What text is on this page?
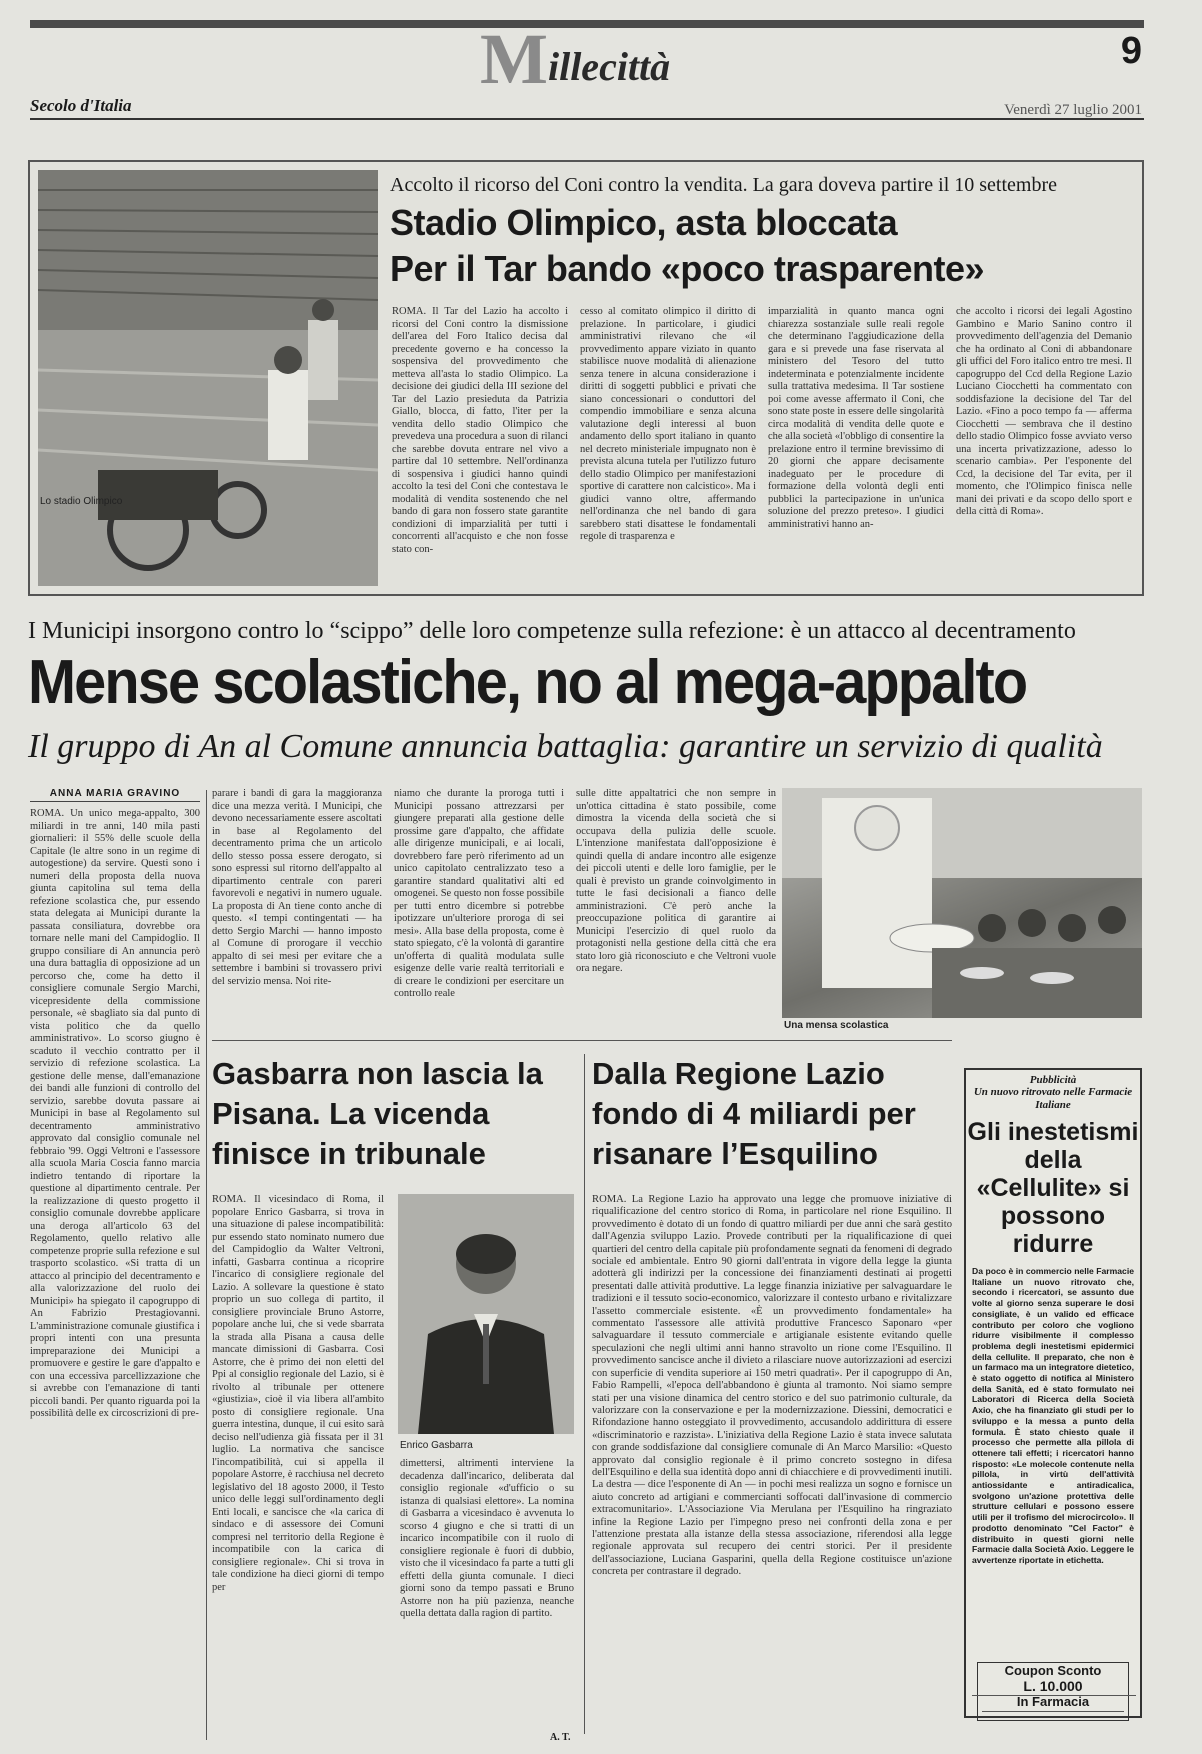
Millecittà	9
Secolo d'Italia	Venerdì 27 luglio 2001
Lo stadio Olimpico
Accolto il ricorso del Coni contro la vendita. La gara doveva partire il 10 settembre
Stadio Olimpico, asta bloccata
Per il Tar bando «poco trasparente»
ROMA. Il Tar del Lazio ha accolto i ricorsi del Coni contro la dismissione dell'area del Foro Italico decisa dal precedente governo e ha concesso la sospensiva del provvedimento che metteva all'asta lo stadio Olimpico. La decisione dei giudici della III sezione del Tar del Lazio presieduta da Patrizia Giallo, blocca, di fatto, l'iter per la vendita dello stadio Olimpico che prevedeva una procedura a suon di rilanci che sarebbe dovuta entrare nel vivo a partire dal 10 settembre. Nell'ordinanza di sospensiva i giudici hanno quindi accolto la tesi del Coni che contestava le modalità di vendita sostenendo che nel bando di gara non fossero state garantite condizioni di imparzialità per tutti i concorrenti all'acquisto e che non fosse stato con-
cesso al comitato olimpico il diritto di prelazione. In particolare, i giudici amministrativi rilevano che «il provvedimento appare viziato in quanto stabilisce nuove modalità di alienazione senza tenere in alcuna considerazione i diritti di soggetti pubblici e privati che siano concessionari o conduttori del compendio immobiliare e senza alcuna valutazione degli interessi al buon andamento dello sport italiano in quanto nel decreto ministeriale impugnato non è prevista alcuna tutela per l'utilizzo futuro dello stadio Olimpico per manifestazioni sportive di carattere non calcistico». Ma i giudici vanno oltre, affermando nell'ordinanza che nel bando di gara sarebbero stati disattese le fondamentali regole di trasparenza e
imparzialità in quanto manca ogni chiarezza sostanziale sulle reali regole che determinano l'aggiudicazione della gara e si prevede una fase riservata al ministero del Tesoro del tutto indeterminata e potenzialmente incidente sulla trattativa medesima. Il Tar sostiene poi come avesse affermato il Coni, che sono state poste in essere delle singolarità circa modalità di vendita delle quote e che alla società «l'obbligo di consentire la prelazione entro il termine brevissimo di 20 giorni che appare decisamente inadeguato per le procedure di formazione della volontà degli enti pubblici la partecipazione in un'unica soluzione del prezzo preteso». I giudici amministrativi hanno an-
che accolto i ricorsi dei legali Agostino Gambino e Mario Sanino contro il provvedimento dell'agenzia del Demanio che ha ordinato al Coni di abbandonare gli uffici del Foro italico entro tre mesi. Il capogruppo del Ccd della Regione Lazio Luciano Ciocchetti ha commentato con soddisfazione la decisione del Tar del Lazio. «Fino a poco tempo fa — afferma Ciocchetti — sembrava che il destino dello stadio Olimpico fosse avviato verso una incerta privatizzazione, adesso lo scenario cambia». Per l'esponente del Ccd, la decisione del Tar evita, per il momento, che l'Olimpico finisca nelle mani dei privati e da scopo dello sport e della città di Roma».
I Municipi insorgono contro lo “scippo” delle loro competenze sulla refezione: è un attacco al decentramento
Mense scolastiche, no al mega-appalto
Il gruppo di An al Comune annuncia battaglia: garantire un servizio di qualità
ANNA MARIA GRAVINO
ROMA. Un unico mega-appalto, 300 miliardi in tre anni, 140 mila pasti giornalieri: il 55% delle scuole della Capitale (le altre sono in un regime di autogestione) da servire. Questi sono i numeri della proposta della nuova giunta capitolina sul tema della refezione scolastica che, pur essendo stata delegata ai Municipi durante la passata consiliatura, dovrebbe ora tornare nelle mani del Campidoglio. Il gruppo consiliare di An annuncia però una dura battaglia di opposizione ad un percorso che, come ha detto il consigliere comunale Sergio Marchi, vicepresidente della commissione personale, «è sbagliato sia dal punto di vista politico che da quello amministrativo». Lo scorso giugno è scaduto il vecchio contratto per il servizio di refezione scolastica. La gestione delle mense, dall'emanazione dei bandi alle funzioni di controllo del servizio, sarebbe dovuta passare ai Municipi in base al Regolamento sul decentramento amministrativo approvato dal consiglio comunale nel febbraio '99. Oggi Veltroni e l'assessore alla scuola Maria Coscia fanno marcia indietro tentando di riportare la questione al dipartimento centrale. Per la realizzazione di questo progetto il consiglio comunale dovrebbe applicare una deroga all'articolo 63 del Regolamento, quello relativo alle competenze proprie sulla refezione e sul trasporto scolastico. «Si tratta di un attacco al principio del decentramento e alla valorizzazione del ruolo dei Municipi» ha spiegato il capogruppo di An Fabrizio Prestagiovanni. L'amministrazione comunale giustifica i propri intenti con una presunta impreparazione dei Municipi a promuovere e gestire le gare d'appalto e con una eccessiva parcellizzazione che si avrebbe con l'emanazione di tanti piccoli bandi. Per quanto riguarda poi la possibilità delle ex circoscrizioni di pre-
parare i bandi di gara la maggioranza dice una mezza verità. I Municipi, che devono necessariamente essere ascoltati in base al Regolamento del decentramento prima che un articolo dello stesso possa essere derogato, si sono espressi sul ritorno dell'appalto al dipartimento centrale con pareri favorevoli e negativi in numero uguale. La proposta di An tiene conto anche di questo. «I tempi contingentati — ha detto Sergio Marchi — hanno imposto al Comune di prorogare il vecchio appalto di sei mesi per evitare che a settembre i bambini si trovassero privi del servizio mensa. Noi rite-
niamo che durante la proroga tutti i Municipi possano attrezzarsi per giungere preparati alla gestione delle prossime gare d'appalto, che affidate alle dirigenze municipali, e ai locali, dovrebbero fare però riferimento ad un unico capitolato centralizzato teso a garantire standard qualitativi alti ed omogenei. Se questo non fosse possibile per tutti entro dicembre si potrebbe ipotizzare un'ulteriore proroga di sei mesi». Alla base della proposta, come è stato spiegato, c'è la volontà di garantire un'offerta di qualità modulata sulle esigenze delle varie realtà territoriali e di creare le condizioni per esercitare un controllo reale
sulle ditte appaltatrici che non sempre in un'ottica cittadina è stato possibile, come dimostra la vicenda della società che si occupava della pulizia delle scuole. L'intenzione manifestata dall'opposizione è quindi quella di andare incontro alle esigenze dei piccoli utenti e delle loro famiglie, per le quali è previsto un grande coinvolgimento in tutte le fasi decisionali a fianco delle amministrazioni. C'è però anche la preoccupazione politica di garantire ai Municipi l'esercizio di quel ruolo da protagonisti nella gestione della città che era stato loro già riconosciuto e che Veltroni vuole ora negare.
Una mensa scolastica
Gasbarra non lascia la Pisana. La vicenda finisce in tribunale
ROMA. Il vicesindaco di Roma, il popolare Enrico Gasbarra, si trova in una situazione di palese incompatibilità: pur essendo stato nominato numero due del Campidoglio da Walter Veltroni, infatti, Gasbarra continua a ricoprire l'incarico di consigliere regionale del Lazio. A sollevare la questione è stato proprio un suo collega di partito, il consigliere provinciale Bruno Astorre, popolare anche lui, che si vede sbarrata la strada alla Pisana a causa delle mancate dimissioni di Gasbarra. Così Astorre, che è primo dei non eletti del Ppi al consiglio regionale del Lazio, si è rivolto al tribunale per ottenere «giustizia», cioè il via libera all'ambito posto di consigliere regionale. Una guerra intestina, dunque, il cui esito sarà deciso nell'udienza già fissata per il 31 luglio. La normativa che sancisce l'incompatibilità, cui si appella il popolare Astorre, è racchiusa nel decreto legislativo del 18 agosto 2000, il Testo unico delle leggi sull'ordinamento degli Enti locali, e sancisce che «la carica di sindaco e di assessore dei Comuni compresi nel territorio della Regione è incompatibile con la carica di consigliere regionale». Chi si trova in tale condizione ha dieci giorni di tempo per
Enrico Gasbarra
dimettersi, altrimenti interviene la decadenza dall'incarico, deliberata dal consiglio regionale «d'ufficio o su istanza di qualsiasi elettore». La nomina di Gasbarra a vicesindaco è avvenuta lo scorso 4 giugno e che si tratti di un incarico incompatibile con il ruolo di consigliere regionale è fuori di dubbio, visto che il vicesindaco fa parte a tutti gli effetti della giunta comunale. I dieci giorni sono da tempo passati e Bruno Astorre non ha più pazienza, neanche quella dettata dalla ragion di partito.
A. T.
Dalla Regione Lazio fondo di 4 miliardi per risanare l’Esquilino
ROMA. La Regione Lazio ha approvato una legge che promuove iniziative di riqualificazione del centro storico di Roma, in particolare nel rione Esquilino. Il provvedimento è dotato di un fondo di quattro miliardi per due anni che sarà gestito dall'Agenzia sviluppo Lazio. Provede contributi per la riqualificazione di quei quartieri del centro della capitale più profondamente segnati da fenomeni di degrado sociale ed ambientale. Entro 90 giorni dall'entrata in vigore della legge la giunta adotterà gli indirizzi per la concessione dei finanziamenti destinati ai progetti presentati dalle attività produttive. La legge finanzia iniziative per salvaguardare le tradizioni e il tessuto socio-economico, valorizzare il contesto urbano e rivitalizzare l'assetto commerciale esistente. «È un provvedimento fondamentale» ha commentato l'assessore alle attività produttive Francesco Saponaro «per salvaguardare il tessuto commerciale e artigianale esistente evitando quelle speculazioni che negli ultimi anni hanno stravolto un rione come l'Esquilino. Il provvedimento sancisce anche il divieto a rilasciare nuove autorizzazioni ad esercizi con superficie di vendita superiore ai 150 metri quadrati». Per il capogruppo di An, Fabio Rampelli, «l'epoca dell'abbandono è giunta al tramonto. Noi siamo sempre stati per una visione dinamica del centro storico e del suo patrimonio culturale, da valorizzare con la conservazione e per la modernizzazione. Diessini, democratici e Rifondazione hanno osteggiato il provvedimento, accusandolo addirittura di essere «discriminatorio e razzista». L'iniziativa della Regione Lazio è stata invece salutata con grande soddisfazione dal consigliere comunale di An Marco Marsilio: «Questo approvato dal consiglio regionale è il primo concreto sostegno in difesa dell'Esquilino e della sua identità dopo anni di chiacchiere e di provvedimenti inutili. La destra — dice l'esponente di An — in pochi mesi realizza un sogno e fornisce un aiuto concreto ad artigiani e commercianti soffocati dall'invasione di commercio extracomunitario». L'Associazione Via Merulana per l'Esquilino ha ringraziato infine la Regione Lazio per l'impegno preso nei confronti della zona e per l'attenzione prestata alla istanze della stessa associazione, riferendosi alla legge regionale approvata sul recupero dei centri storici. Per il presidente dell'associazione, Luciana Gasparini, quella della Regione costituisce un'azione concreta per contrastare il degrado.
Pubblicità
Un nuovo ritrovato nelle Farmacie Italiane
Gli inestetismi della «Cellulite» si possono ridurre
Da poco è in commercio nelle Farmacie Italiane un nuovo ritrovato che, secondo i ricercatori, se assunto due volte al giorno senza superare le dosi consigliate, è un valido ed efficace contributo per coloro che vogliono ridurre visibilmente il complesso problema degli inestetismi epidermici della cellulite. Il preparato, che non è un farmaco ma un integratore dietetico, è stato oggetto di notifica al Ministero della Sanità, ed è stato formulato nei Laboratori di Ricerca della Società Axio, che ha finanziato gli studi per lo sviluppo e la messa a punto della formula. È stato chiesto quale il processo che permette alla pillola di ottenere tali effetti; i ricercatori hanno risposto: «Le molecole contenute nella pillola, in virtù dell'attività antiossidante e antiradicalica, svolgono un'azione protettiva delle strutture cellulari e possono essere utili per il trofismo del microcircolo». Il prodotto denominato "Cel Factor" è distribuito in questi giorni nelle Farmacie dalla Società Axio. Leggere le avvertenze riportate in etichetta.
Coupon Sconto
L. 10.000
In Farmacia
